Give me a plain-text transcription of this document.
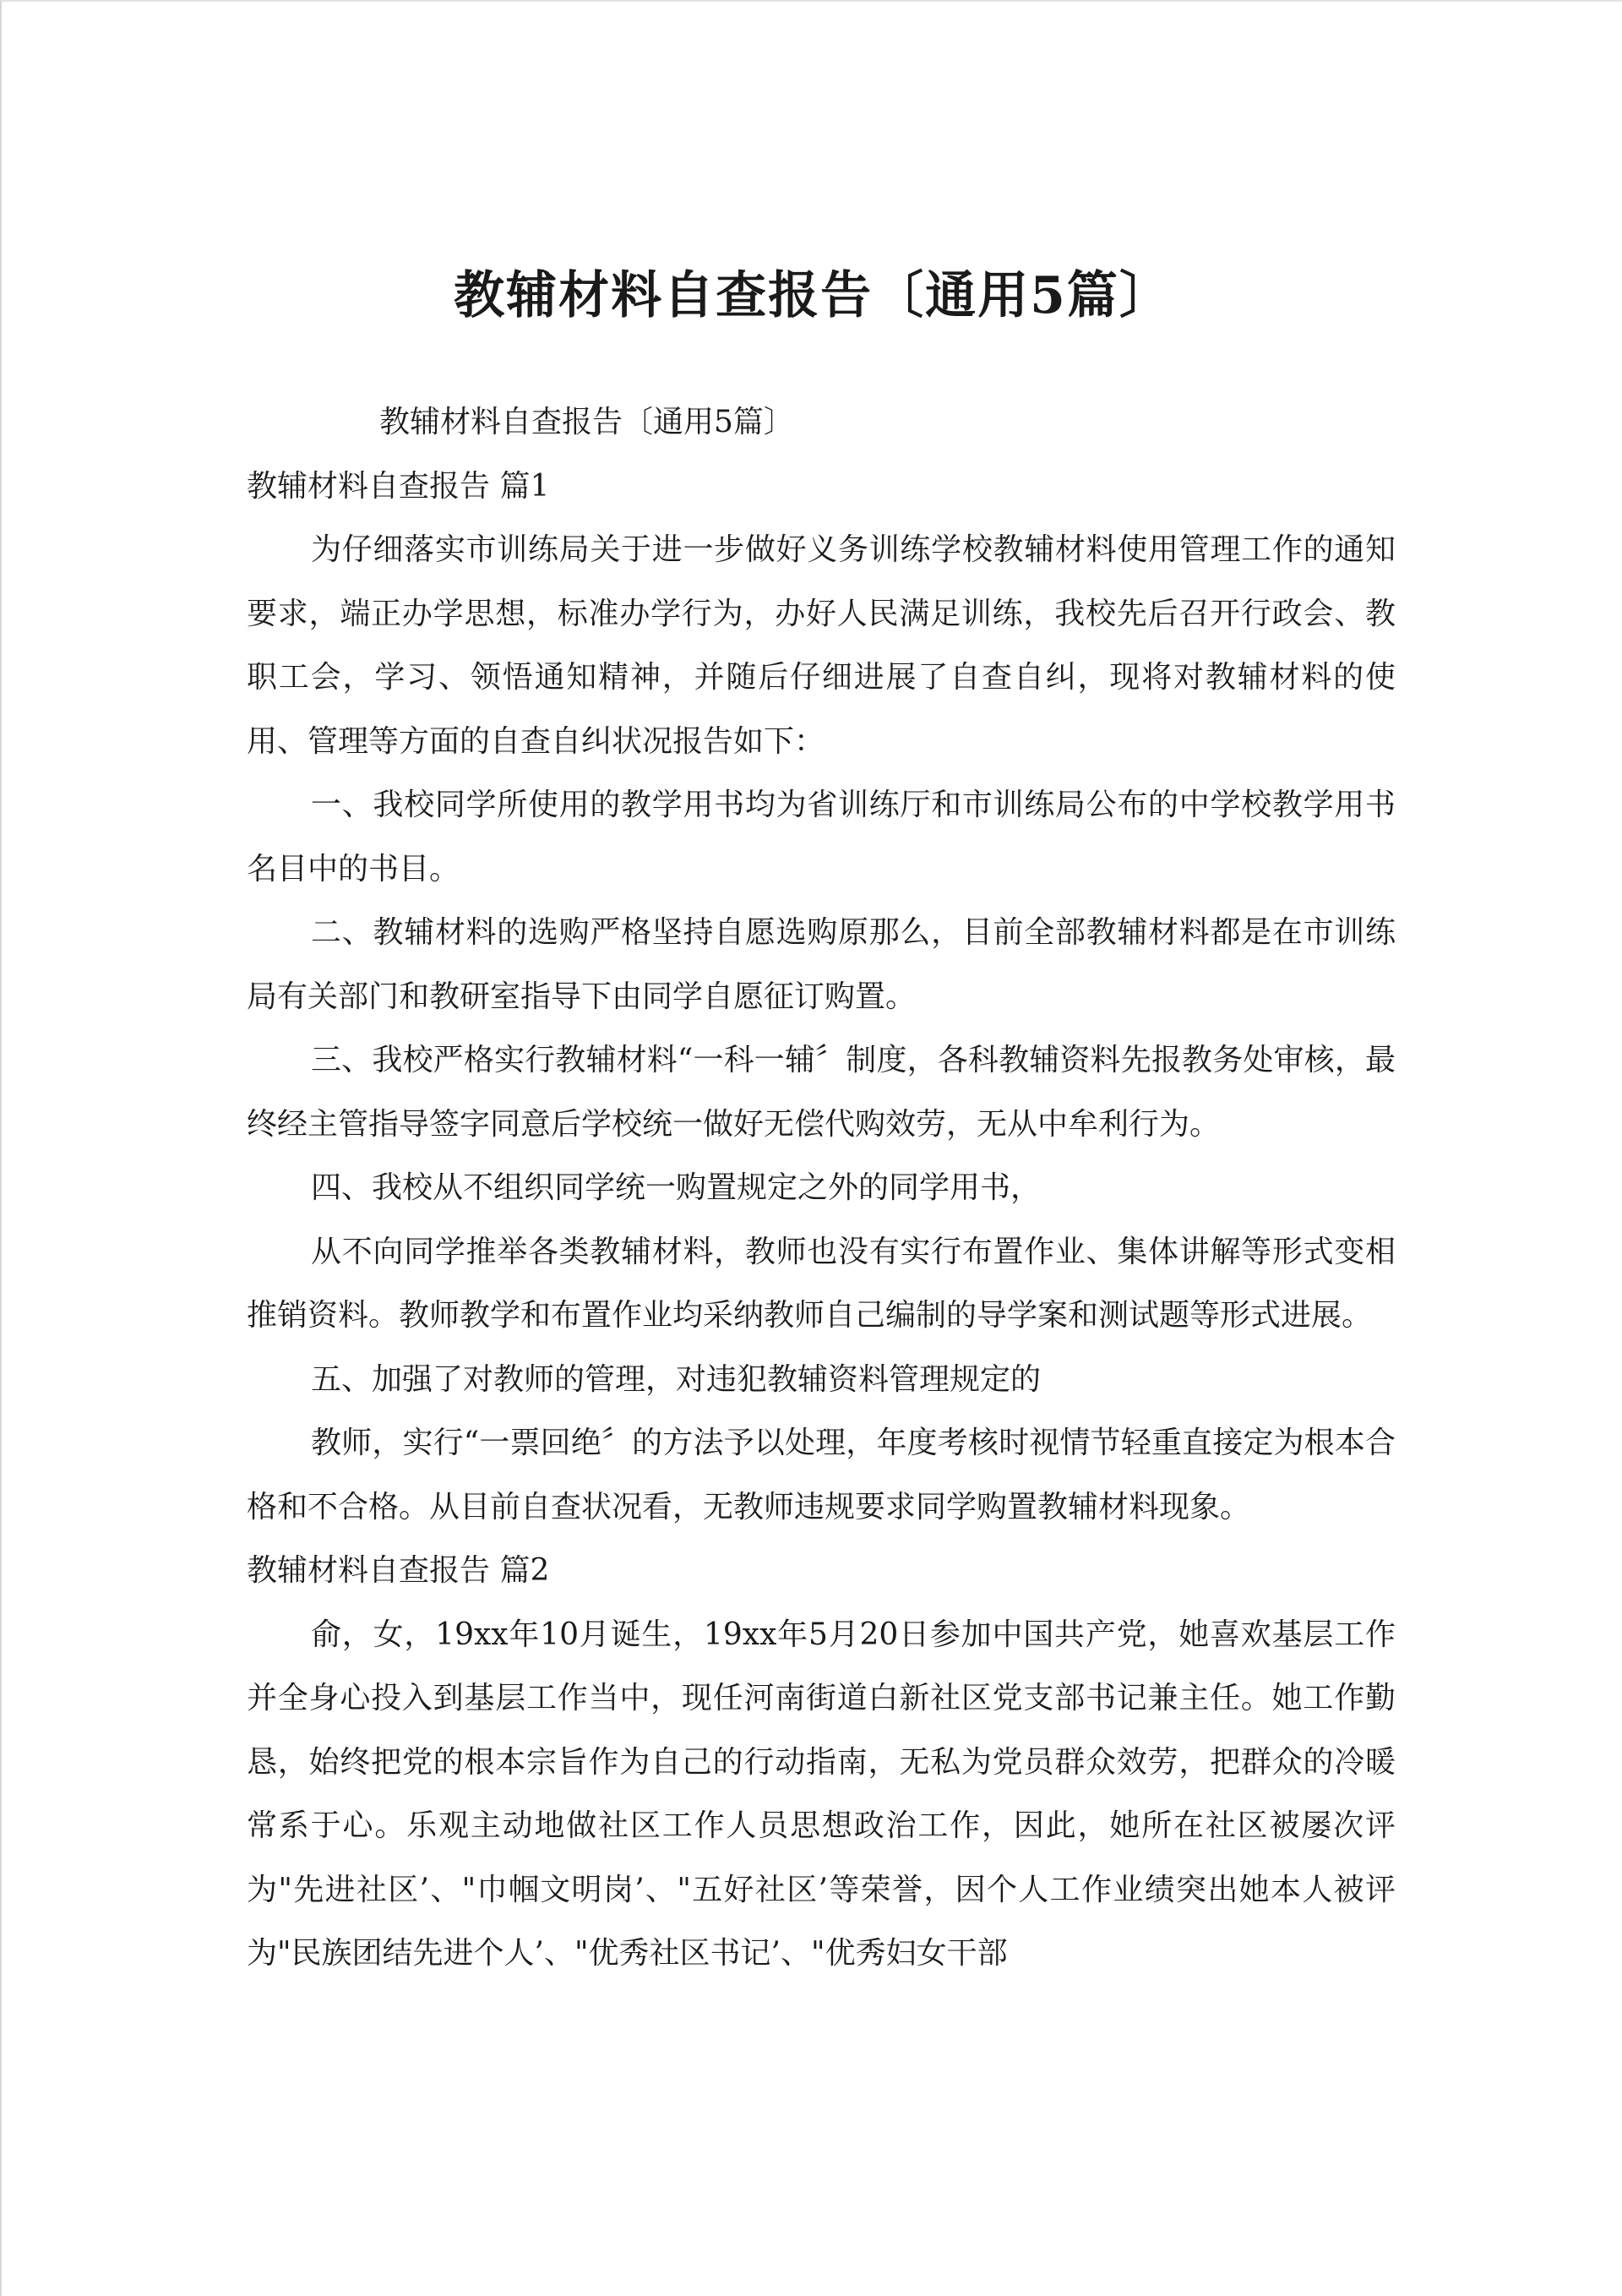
教辅材料自查报告〔通用5篇〕

教辅材料自查报告〔通用5篇〕

教辅材料自查报告 篇1

为仔细落实市训练局关于进一步做好义务训练学校教辅材料使用管理工作的通知要求，端正办学思想，标准办学行为，办好人民满足训练，我校先后召开行政会、教职工会，学习、领悟通知精神，并随后仔细进展了自查自纠，现将对教辅材料的使用、管理等方面的自查自纠状况报告如下：

一、我校同学所使用的教学用书均为省训练厅和市训练局公布的中学校教学用书名目中的书目。

二、教辅材料的选购严格坚持自愿选购原那么，目前全部教辅材料都是在市训练局有关部门和教研室指导下由同学自愿征订购置。

三、我校严格实行教辅材料“一科一辅〞制度，各科教辅资料先报教务处审核，最终经主管指导签字同意后学校统一做好无偿代购效劳，无从中牟利行为。

四、我校从不组织同学统一购置规定之外的同学用书，

从不向同学推举各类教辅材料，教师也没有实行布置作业、集体讲解等形式变相推销资料。教师教学和布置作业均采纳教师自己编制的导学案和测试题等形式进展。

五、加强了对教师的管理，对违犯教辅资料管理规定的

教师，实行“一票回绝〞的方法予以处理，年度考核时视情节轻重直接定为根本合格和不合格。从目前自查状况看，无教师违规要求同学购置教辅材料现象。

教辅材料自查报告 篇2

俞，女，19xx年10月诞生，19xx年5月20日参加中国共产党，她喜欢基层工作并全身心投入到基层工作当中，现任河南街道白新社区党支部书记兼主任。她工作勤恳，始终把党的根本宗旨作为自己的行动指南，无私为党员群众效劳，把群众的冷暖常系于心。乐观主动地做社区工作人员思想政治工作，因此，她所在社区被屡次评为"先进社区’、"巾帼文明岗’、"五好社区’等荣誉，因个人工作业绩突出她本人被评为"民族团结先进个人’、"优秀社区书记’、"优秀妇女干部
